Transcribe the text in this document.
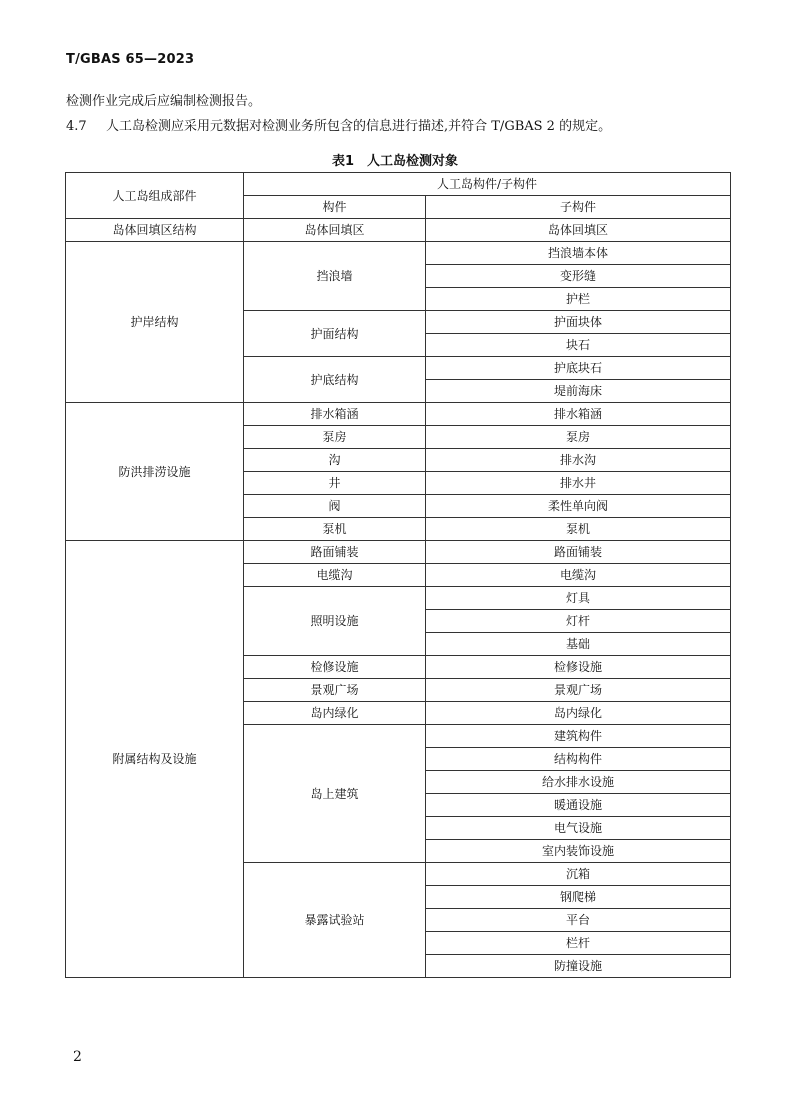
T/GBAS 65—2023
检测作业完成后应编制检测报告。
4.7 人工岛检测应采用元数据对检测业务所包含的信息进行描述,并符合 T/GBAS 2 的规定。
表1　人工岛检测对象
人工岛组成部件	人工岛构件/子构件	
	构件	子构件
岛体回填区结构	岛体回填区	岛体回填区
护岸结构	挡浪墙	挡浪墙本体
		变形缝
		护栏
	护面结构	护面块体
		块石
	护底结构	护底块石
		堤前海床
防洪排涝设施	排水箱涵	排水箱涵
	泵房	泵房
	沟	排水沟
	井	排水井
	阀	柔性单向阀
	泵机	泵机
附属结构及设施	路面铺装	路面铺装
	电缆沟	电缆沟
	照明设施	灯具
		灯杆
		基础
	检修设施	检修设施
	景观广场	景观广场
	岛内绿化	岛内绿化
	岛上建筑	建筑构件
		结构构件
		给水排水设施
		暖通设施
		电气设施
		室内装饰设施
	暴露试验站	沉箱
		钢爬梯
		平台
		栏杆
		防撞设施
2
